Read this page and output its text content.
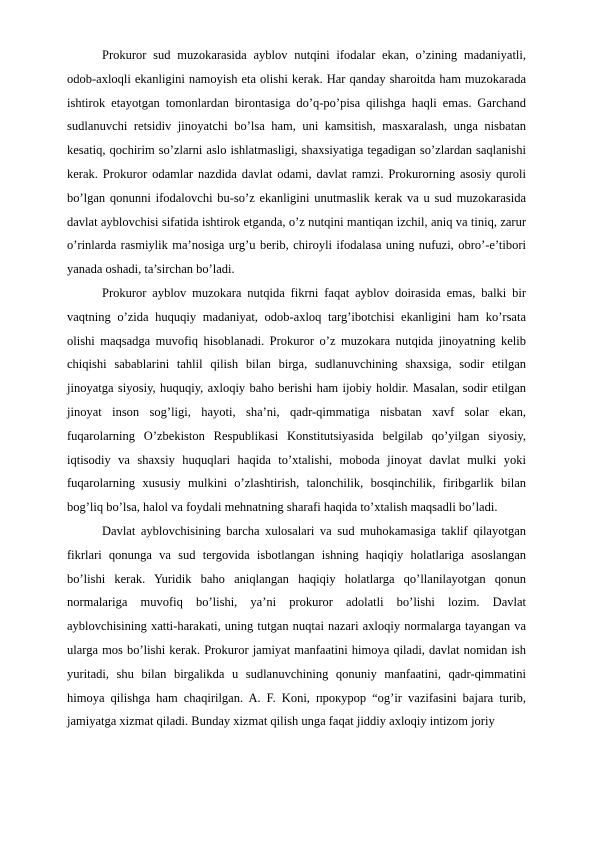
Prokuror sud muzokarasida ayblov nutqini ifodalar ekan, o’zining madaniyatli, odob-axloqli ekanligini namoyish eta olishi kerak. Har qanday sharoitda ham muzokarada ishtirok etayotgan tomonlardan birontasiga do’q-po’pisa qilishga haqli emas. Garchand sudlanuvchi retsidiv jinoyatchi bo’lsa ham, uni kamsitish, masxaralash, unga nisbatan kesatiq, qochirim so’zlarni aslo ishlatmasligi, shaxsiyatiga tegadigan so’zlardan saqlanishi kerak. Prokuror odamlar nazdida davlat odami, davlat ramzi. Prokurorning asosiy quroli bo’lgan qonunni ifodalovchi bu-so’z ekanligini unutmaslik kerak va u sud muzokarasida davlat ayblovchisi sifatida ishtirok etganda, o’z nutqini mantiqan izchil, aniq va tiniq, zarur o’rinlarda rasmiylik ma’nosiga urg’u berib, chiroyli ifodalasa uning nufuzi, obro’-e’tibori yanada oshadi, ta’sirchan bo’ladi.

Prokuror ayblov muzokara nutqida fikrni faqat ayblov doirasida emas, balki bir vaqtning o’zida huquqiy madaniyat, odob-axloq targ’ibotchisi ekanligini ham ko’rsata olishi maqsadga muvofiq hisoblanadi. Prokuror o’z muzokara nutqida jinoyatning kelib chiqishi sabablarini tahlil qilish bilan birga, sudlanuvchining shaxsiga, sodir etilgan jinoyatga siyosiy, huquqiy, axloqiy baho berishi ham ijobiy holdir. Masalan, sodir etilgan jinoyat inson sog’ligi, hayoti, sha’ni, qadr-qimmatiga nisbatan xavf solar ekan, fuqarolarning O’zbekiston Respublikasi Konstitutsiyasida belgilab qo’yilgan siyosiy, iqtisodiy va shaxsiy huquqlari haqida to’xtalishi, moboda jinoyat davlat mulki yoki fuqarolarning xususiy mulkini o’zlashtirish, talonchilik, bosqinchilik, firibgarlik bilan bog’liq bo’lsa, halol va foydali mehnatning sharafi haqida to’xtalish maqsadli bo’ladi.

Davlat ayblovchisining barcha xulosalari va sud muhokamasiga taklif qilayotgan fikrlari qonunga va sud tergovida isbotlangan ishning haqiqiy holatlariga asoslangan bo’lishi kerak. Yuridik baho aniqlangan haqiqiy holatlarga qo’llanilayotgan qonun normalariga muvofiq bo’lishi, ya’ni prokuror adolatli bo’lishi lozim. Davlat ayblovchisining xatti-harakati, uning tutgan nuqtai nazari axloqiy normalarga tayangan va ularga mos bo’lishi kerak. Prokuror jamiyat manfaatini himoya qiladi, davlat nomidan ish yuritadi, shu bilan birgalikda u sudlanuvchining qonuniy manfaatini, qadr-qimmatini himoya qilishga ham chaqirilgan. A. F. Koni, прокурор “og’ir vazifasini bajara turib, jamiyatga xizmat qiladi. Bunday xizmat qilish unga faqat jiddiy axloqiy intizom joriy
